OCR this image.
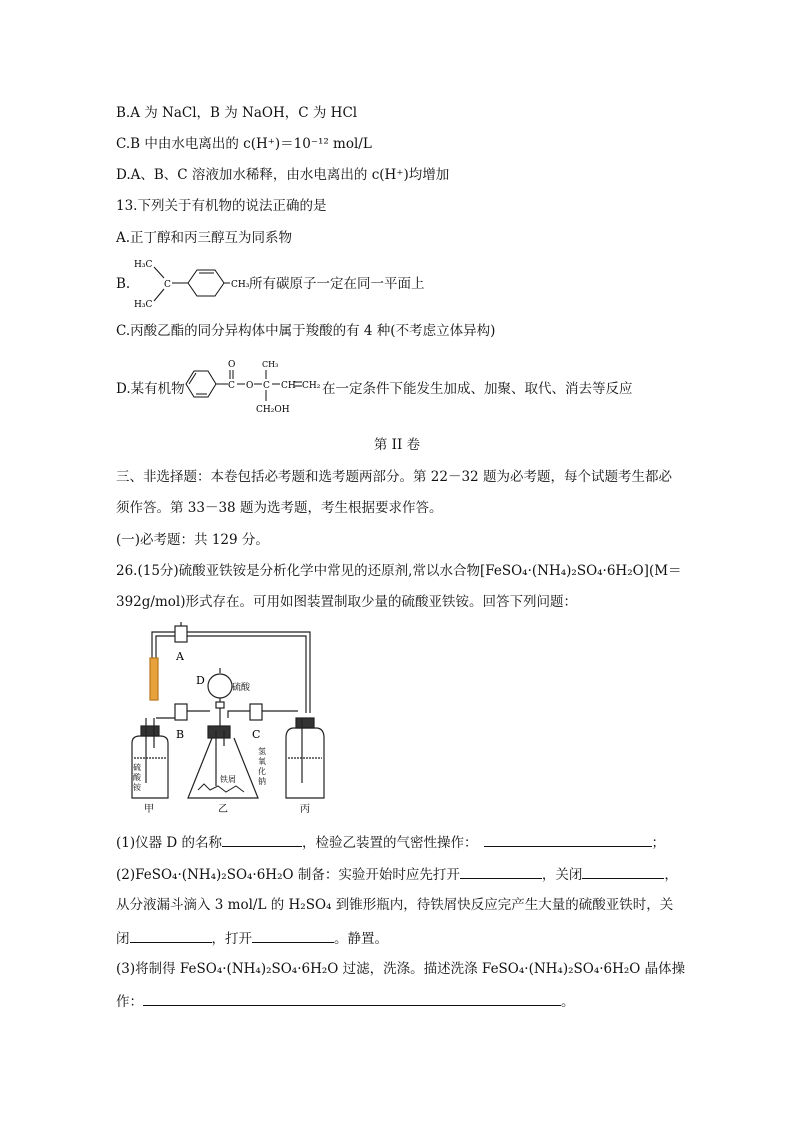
B.A 为 NaCl，B 为 NaOH，C 为 HCl
C.B 中由水电离出的 c(H⁺)＝10⁻¹² mol/L
D.A、B、C 溶液加水稀释，由水电离出的 c(H⁺)均增加
13.下列关于有机物的说法正确的是
A.正丁醇和丙三醇互为同系物
B.
H₃C
H₃C
C	CH₃ 所有碳原子一定在同一平面上
C.丙酸乙酯的同分异构体中属于羧酸的有 4 种(不考虑立体异构)
D.某有机物
O
C O C
CH₃
CH CH₂
CH₂OH
在一定条件下能发生加成、加聚、取代、消去等反应
第 II 卷
三、非选择题：本卷包括必考题和选考题两部分。第 22－32 题为必考题，每个试题考生都必
须作答。第 33－38 题为选考题，考生根据要求作答。
(一)必考题：共 129 分。
26.(15分)硫酸亚铁铵是分析化学中常见的还原剂,常以水合物[FeSO₄·(NH₄)₂SO₄·6H₂O](M＝
392g/mol)形式存在。可用如图装置制取少量的硫酸亚铁铵。回答下列问题：
A
D
硫酸
B	C
硫
酸
铵
氢
氧
化
钠
铁屑
甲	乙	丙
(1)仪器 D 的名称	，检验乙装置的气密性操作：	；
(2)FeSO₄·(NH₄)₂SO₄·6H₂O 制备：实验开始时应先打开	，关闭	，
从分液漏斗滴入 3 mol/L 的 H₂SO₄ 到锥形瓶内，待铁屑快反应完产生大量的硫酸亚铁时，关
闭	，打开	。静置。
(3)将制得 FeSO₄·(NH₄)₂SO₄·6H₂O 过滤，洗涤。描述洗涤 FeSO₄·(NH₄)₂SO₄·6H₂O 晶体操
作：	。
